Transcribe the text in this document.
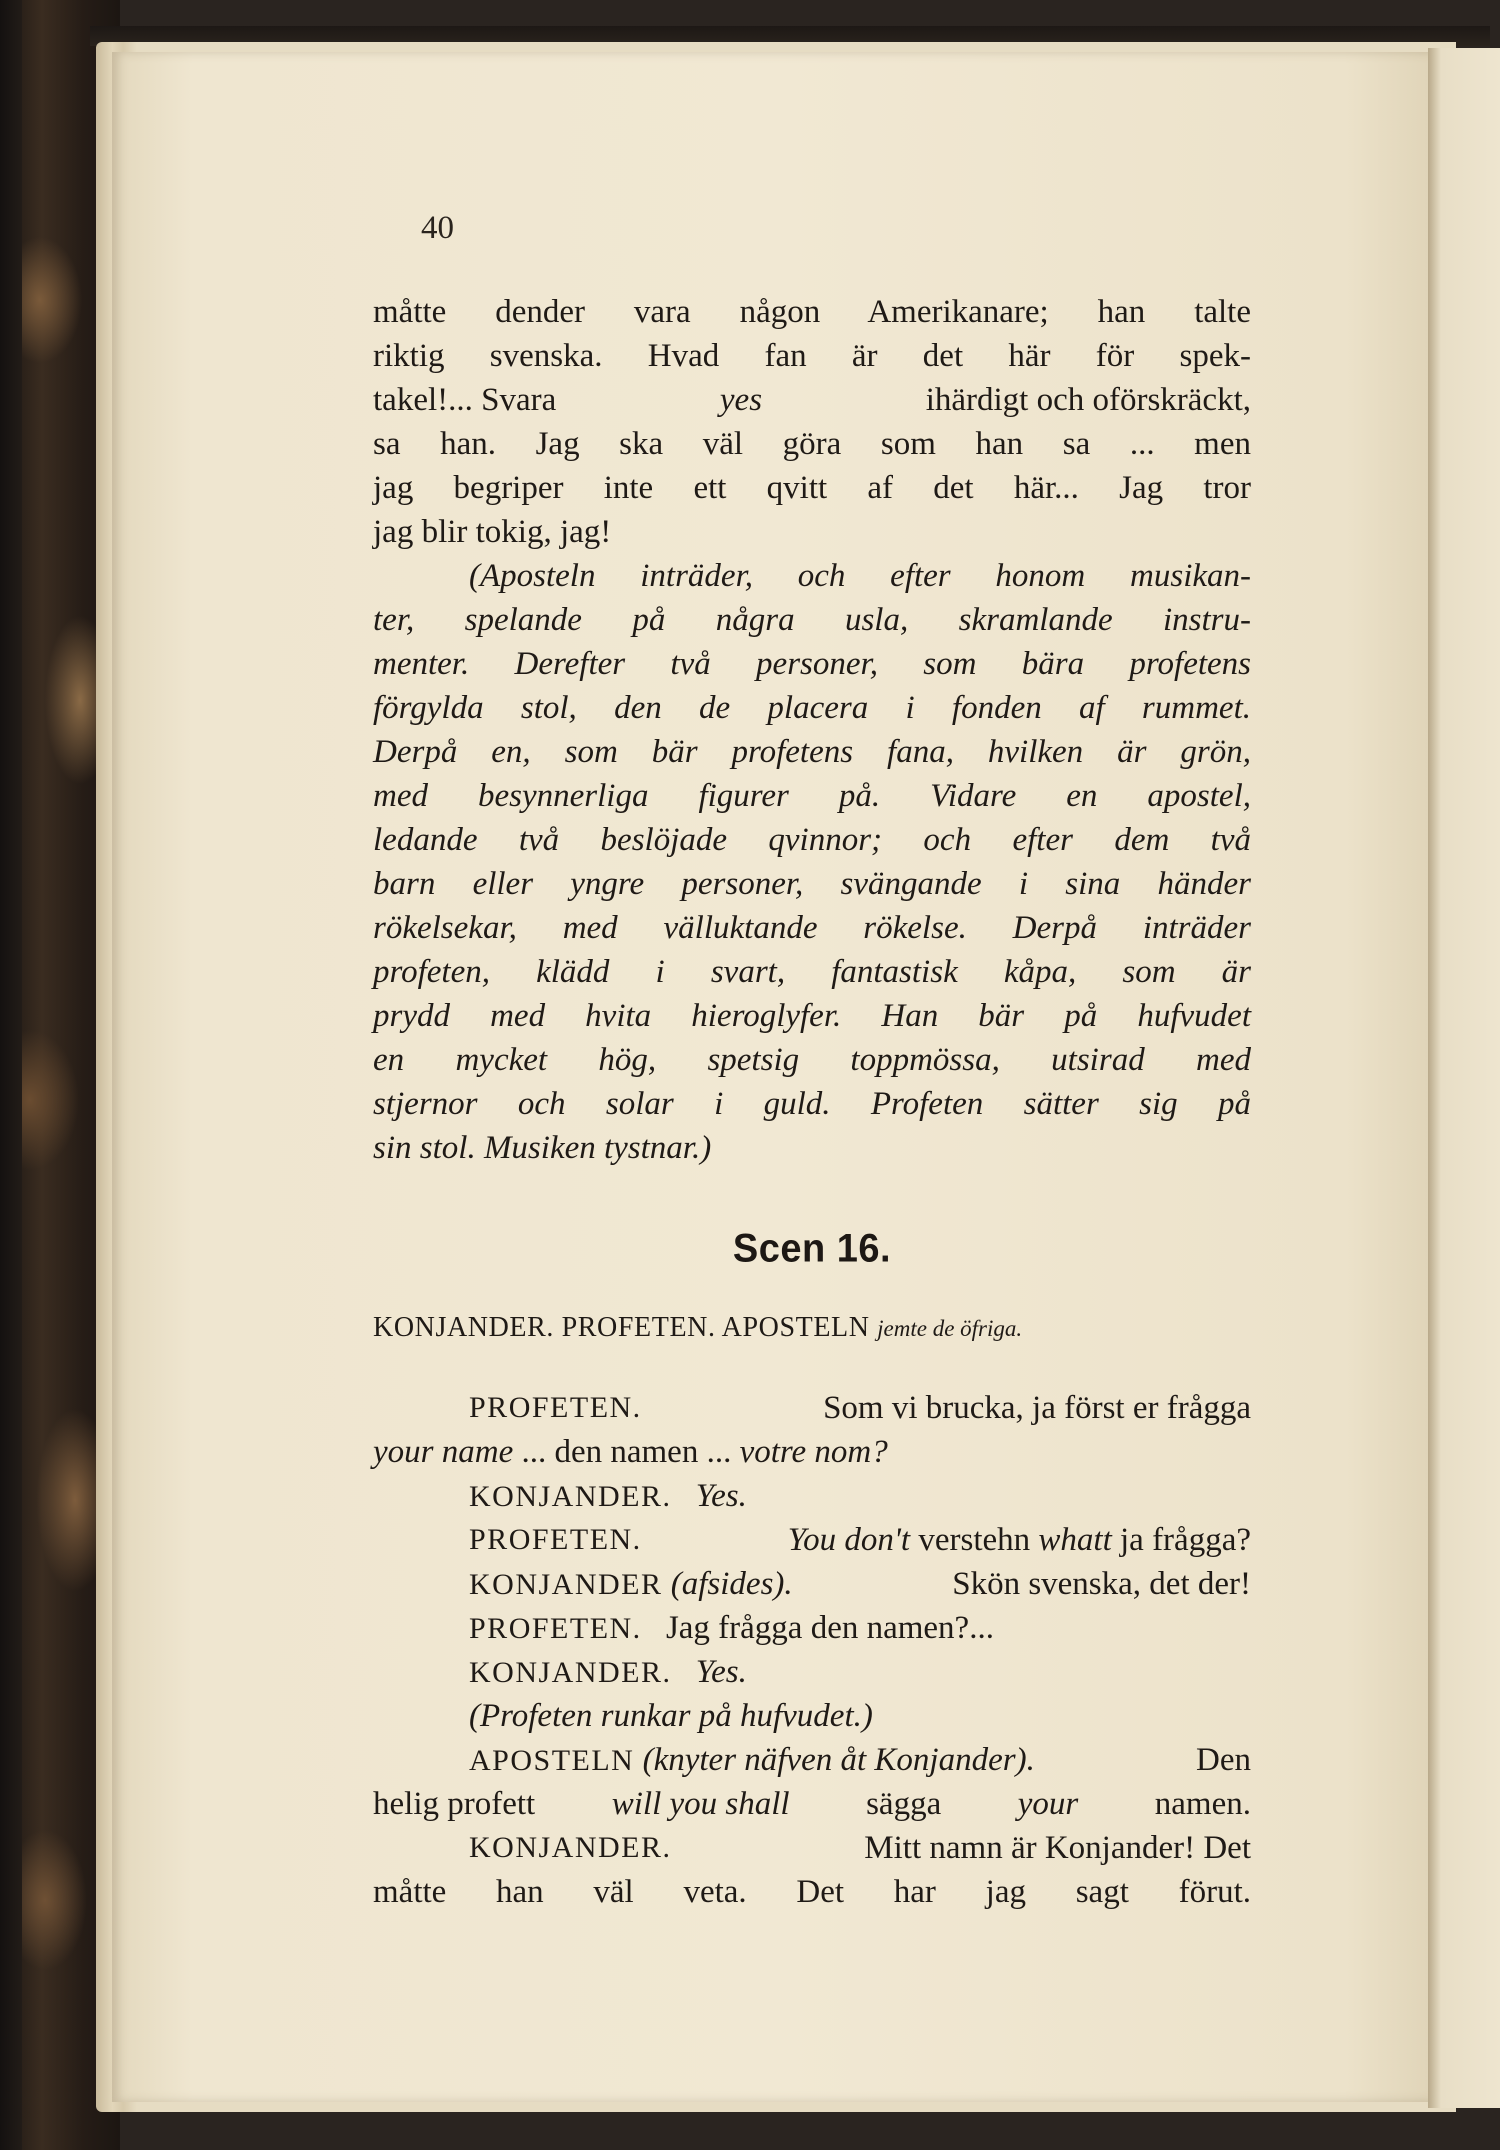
40
måtte dender vara någon Amerikanare; han talte
riktig svenska. Hvad fan är det här för spek-
takel!... Svara	yes	ihärdigt och oförskräckt,
sa han. Jag ska väl göra som han sa ... men
jag begriper inte ett qvitt af det här... Jag tror
jag blir tokig, jag!
(Aposteln inträder, och efter honom musikan-
ter, spelande på några usla, skramlande instru-
menter. Derefter två personer, som bära profetens
förgylda stol, den de placera i fonden af rummet.
Derpå en, som bär profetens fana, hvilken är grön,
med besynnerliga figurer på. Vidare en apostel,
ledande två beslöjade qvinnor; och efter dem två
barn eller yngre personer, svängande i sina händer
rökelsekar, med välluktande rökelse. Derpå inträder
profeten, klädd i svart, fantastisk kåpa, som är
prydd med hvita hieroglyfer. Han bär på hufvudet
en mycket hög, spetsig toppmössa, utsirad med
stjernor och solar i guld. Profeten sätter sig på
sin stol. Musiken tystnar.)
Scen 16.
KONJANDER. PROFETEN. APOSTELN jemte de öfriga.
PROFETEN.	Som vi brucka, ja först er frågga
your name ... den namen ... votre nom?
KONJANDER. Yes.
PROFETEN.	You don't verstehn whatt ja frågga?
KONJANDER (afsides).	Skön svenska, det der!
PROFETEN. Jag frågga den namen?...
KONJANDER. Yes.
(Profeten runkar på hufvudet.)
APOSTELN (knyter näfven åt Konjander).	Den
helig profett will you shall sägga your namen.
KONJANDER.	Mitt namn är Konjander! Det
måtte han väl veta. Det har jag sagt förut.
